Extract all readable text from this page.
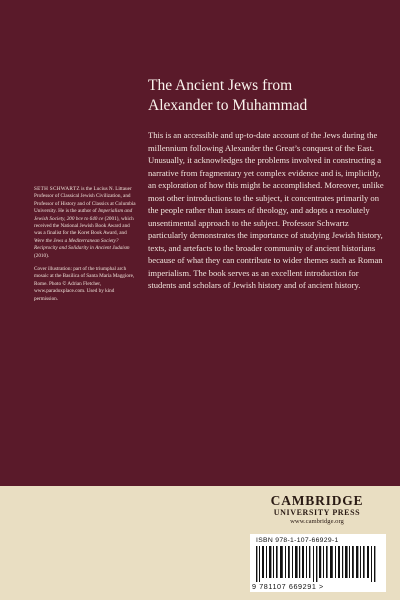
The Ancient Jews from
Alexander to Muhammad

This is an accessible and up-to-date account of the Jews during the millennium following Alexander the Great’s conquest of the East. Unusually, it acknowledges the problems involved in constructing a narrative from fragmentary yet complex evidence and is, implicitly, an exploration of how this might be accomplished. Moreover, unlike most other introductions to the subject, it concentrates primarily on the people rather than issues of theology, and adopts a resolutely unsentimental approach to the subject. Professor Schwartz particularly demonstrates the importance of studying Jewish history, texts, and artefacts to the broader community of ancient historians because of what they can contribute to wider themes such as Roman imperialism. The book serves as an excellent introduction for students and scholars of Jewish history and of ancient history.

SETH SCHWARTZ is the Lucius N. Littauer Professor of Classical Jewish Civilization, and Professor of History and of Classics at Columbia University. He is the author of Imperialism and Jewish Society, 200 bce to 640 ce (2001), which received the National Jewish Book Award and was a finalist for the Koret Book Award, and Were the Jews a Mediterranean Society? Reciprocity and Solidarity in Ancient Judaism (2010).

Cover illustration: part of the triumphal arch mosaic at the Basilica of Santa Maria Maggiore, Rome. Photo © Adrian Fletcher, www.paradoxplace.com. Used by kind permission.

CAMBRIDGE
UNIVERSITY PRESS
www.cambridge.org
ISBN 978-1-107-66929-1
9 781107 669291 >
